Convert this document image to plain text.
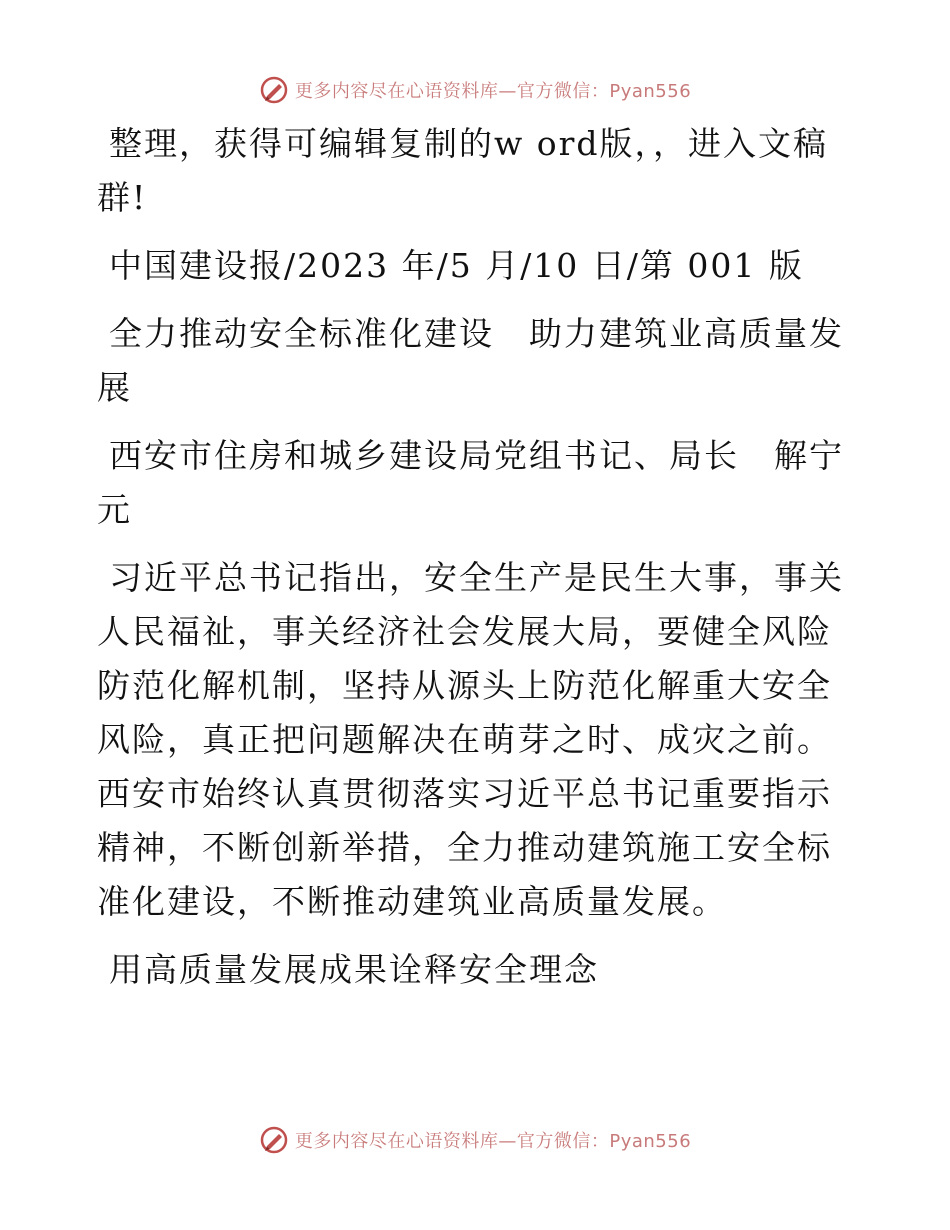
更多内容尽在心语资料库—官方微信：Pyan556

整理，获得可编辑复制的w ord版，，进入文稿群!

中国建设报/2023 年/5 月/10 日/第 001 版

全力推动安全标准化建设　助力建筑业高质量发展

西安市住房和城乡建设局党组书记、局长　解宁元

习近平总书记指出，安全生产是民生大事，事关人民福祉，事关经济社会发展大局，要健全风险防范化解机制，坚持从源头上防范化解重大安全风险，真正把问题解决在萌芽之时、成灾之前。西安市始终认真贯彻落实习近平总书记重要指示精神，不断创新举措，全力推动建筑施工安全标准化建设，不断推动建筑业高质量发展。

用高质量发展成果诠释安全理念

更多内容尽在心语资料库—官方微信：Pyan556
